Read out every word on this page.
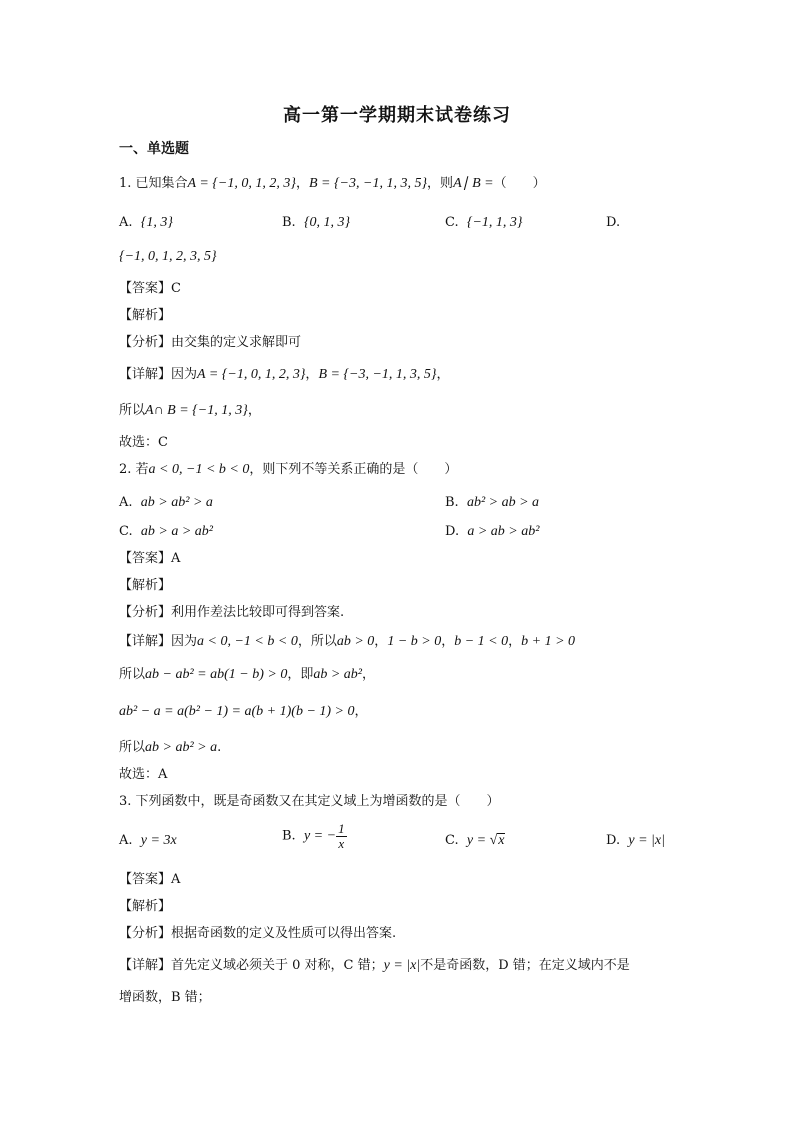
高一第一学期期末试卷练习
一、单选题
1. 已知集合A = {−1, 0, 1, 2, 3}，B = {−3, −1, 1, 3, 5}，则A∣ B =（　　）
A. {1, 3}	B. {0, 1, 3}	C. {−1, 1, 3}	D.
{−1, 0, 1, 2, 3, 5}
【答案】C
【解析】
【分析】由交集的定义求解即可
【详解】因为A = {−1, 0, 1, 2, 3}，B = {−3, −1, 1, 3, 5}，
所以A∩ B = {−1, 1, 3}，
故选：C
2. 若a < 0, −1 < b < 0，则下列不等关系正确的是（　　）
A. ab > ab² > a	B. ab² > ab > a
C. ab > a > ab²	D. a > ab > ab²
【答案】A
【解析】
【分析】利用作差法比较即可得到答案.
【详解】因为a < 0, −1 < b < 0，所以ab > 0，1 − b > 0，b − 1 < 0，b + 1 > 0
所以ab − ab² = ab(1 − b) > 0，即ab > ab²，
ab² − a = a(b² − 1) = a(b + 1)(b − 1) > 0，
所以ab > ab² > a.
故选：A
3. 下列函数中，既是奇函数又在其定义域上为增函数的是（　　）
A. y = 3x	B. y = − $\frac{1}{x}$	C. y = √x	D. y = |x|
【答案】A
【解析】
【分析】根据奇函数的定义及性质可以得出答案.
【详解】首先定义域必须关于 0 对称，C 错；y = |x|不是奇函数，D 错；在定义域内不是
增函数，B 错；
